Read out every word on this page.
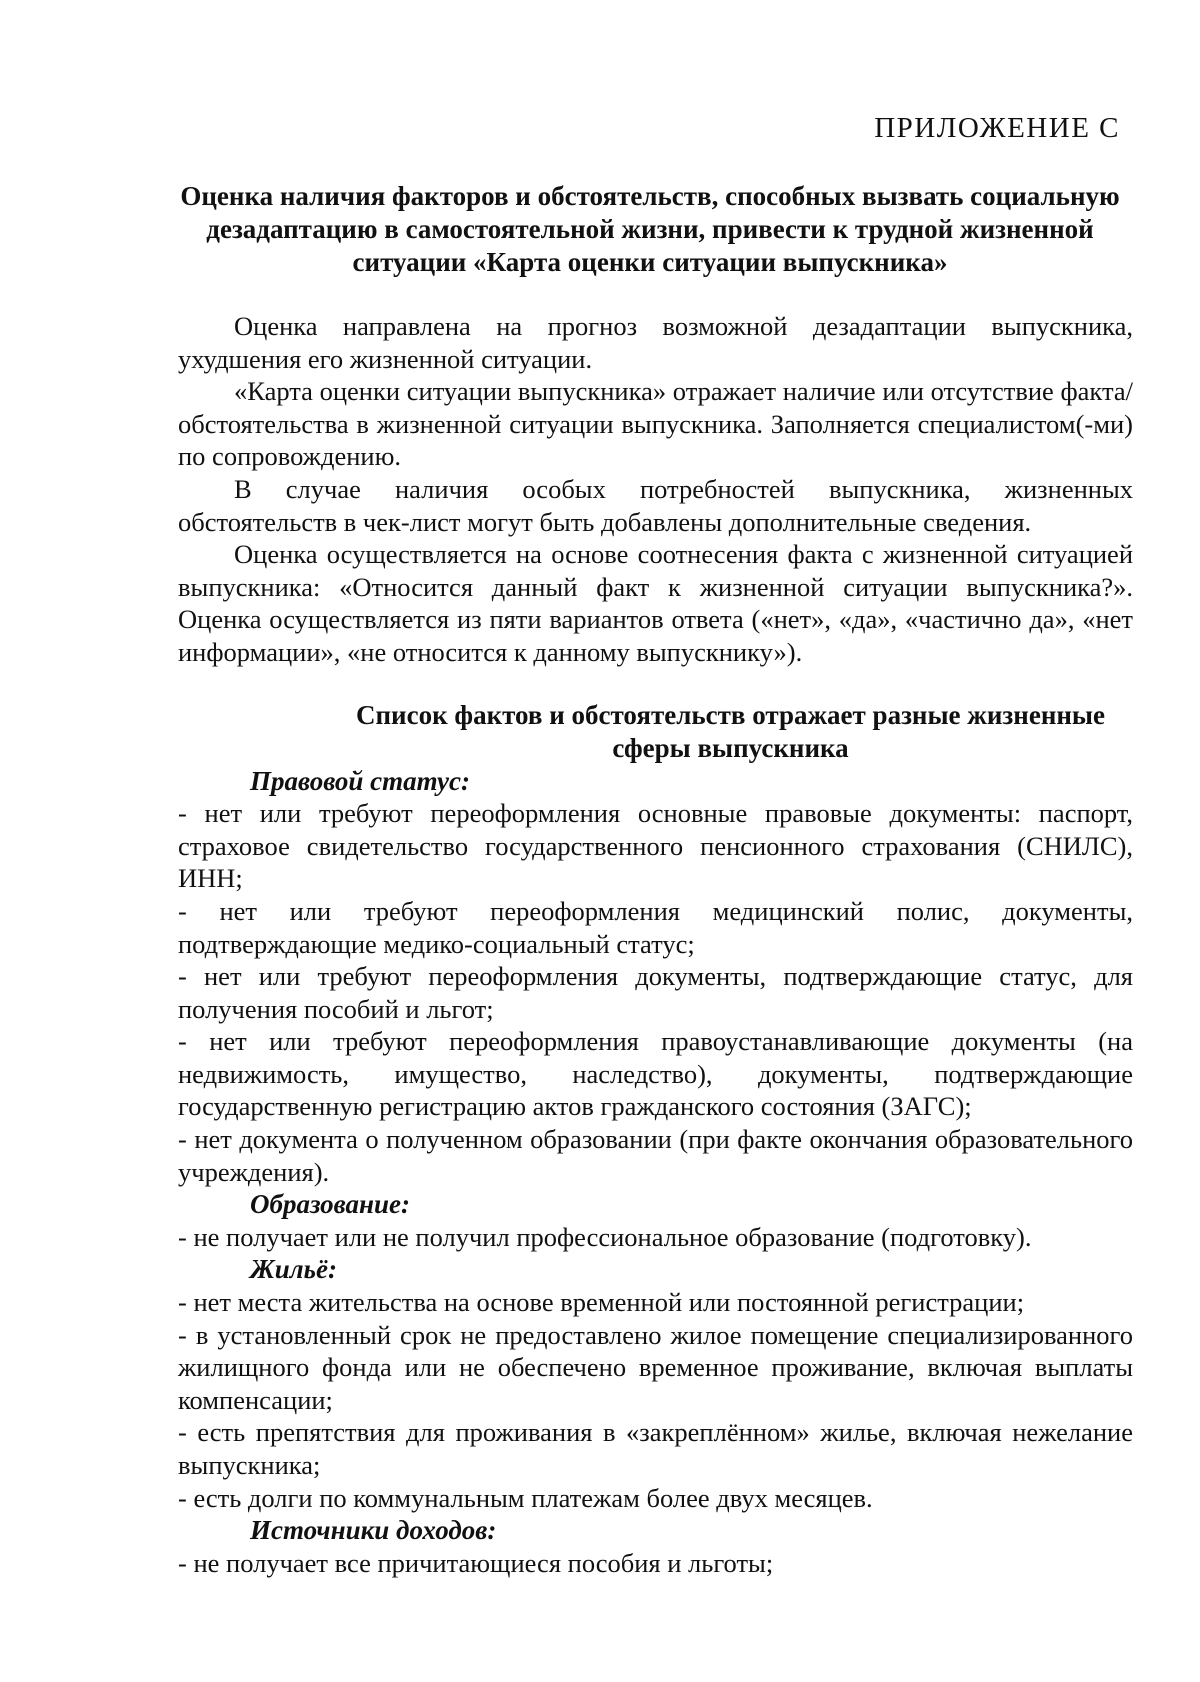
ПРИЛОЖЕНИЕ С
Оценка наличия факторов и обстоятельств, способных вызвать социальную дезадаптацию в самостоятельной жизни, привести к трудной жизненной ситуации «Карта оценки ситуации выпускника»

Оценка направлена на прогноз возможной дезадаптации выпускника, ухудшения его жизненной ситуации.

«Карта оценки ситуации выпускника» отражает наличие или отсутствие факта/обстоятельства в жизненной ситуации выпускника. Заполняется специалистом(-ми) по сопровождению.

В случае наличия особых потребностей выпускника, жизненных обстоятельств в чек-лист могут быть добавлены дополнительные сведения.

Оценка осуществляется на основе соотнесения факта с жизненной ситуацией выпускника: «Относится данный факт к жизненной ситуации выпускника?». Оценка осуществляется из пяти вариантов ответа («нет», «да», «частично да», «нет информации», «не относится к данному выпускнику»).

Список фактов и обстоятельств отражает разные жизненные сферы выпускника
Правовой статус:

- нет или требуют переоформления основные правовые документы: паспорт, страховое свидетельство государственного пенсионного страхования (СНИЛС), ИНН;

- нет или требуют переоформления медицинский полис, документы, подтверждающие медико-социальный статус;

- нет или требуют переоформления документы, подтверждающие статус, для получения пособий и льгот;

- нет или требуют переоформления правоустанавливающие документы (на недвижимость, имущество, наследство), документы, подтверждающие государственную регистрацию актов гражданского состояния (ЗАГС);

- нет документа о полученном образовании (при факте окончания образовательного учреждения).

Образование:

- не получает или не получил профессиональное образование (подготовку).

Жильё:

- нет места жительства на основе временной или постоянной регистрации;

- в установленный срок не предоставлено жилое помещение специализированного жилищного фонда или не обеспечено временное проживание, включая выплаты компенсации;

- есть препятствия для проживания в «закреплённом» жилье, включая нежелание выпускника;

- есть долги по коммунальным платежам более двух месяцев.

Источники доходов:

- не получает все причитающиеся пособия и льготы;
